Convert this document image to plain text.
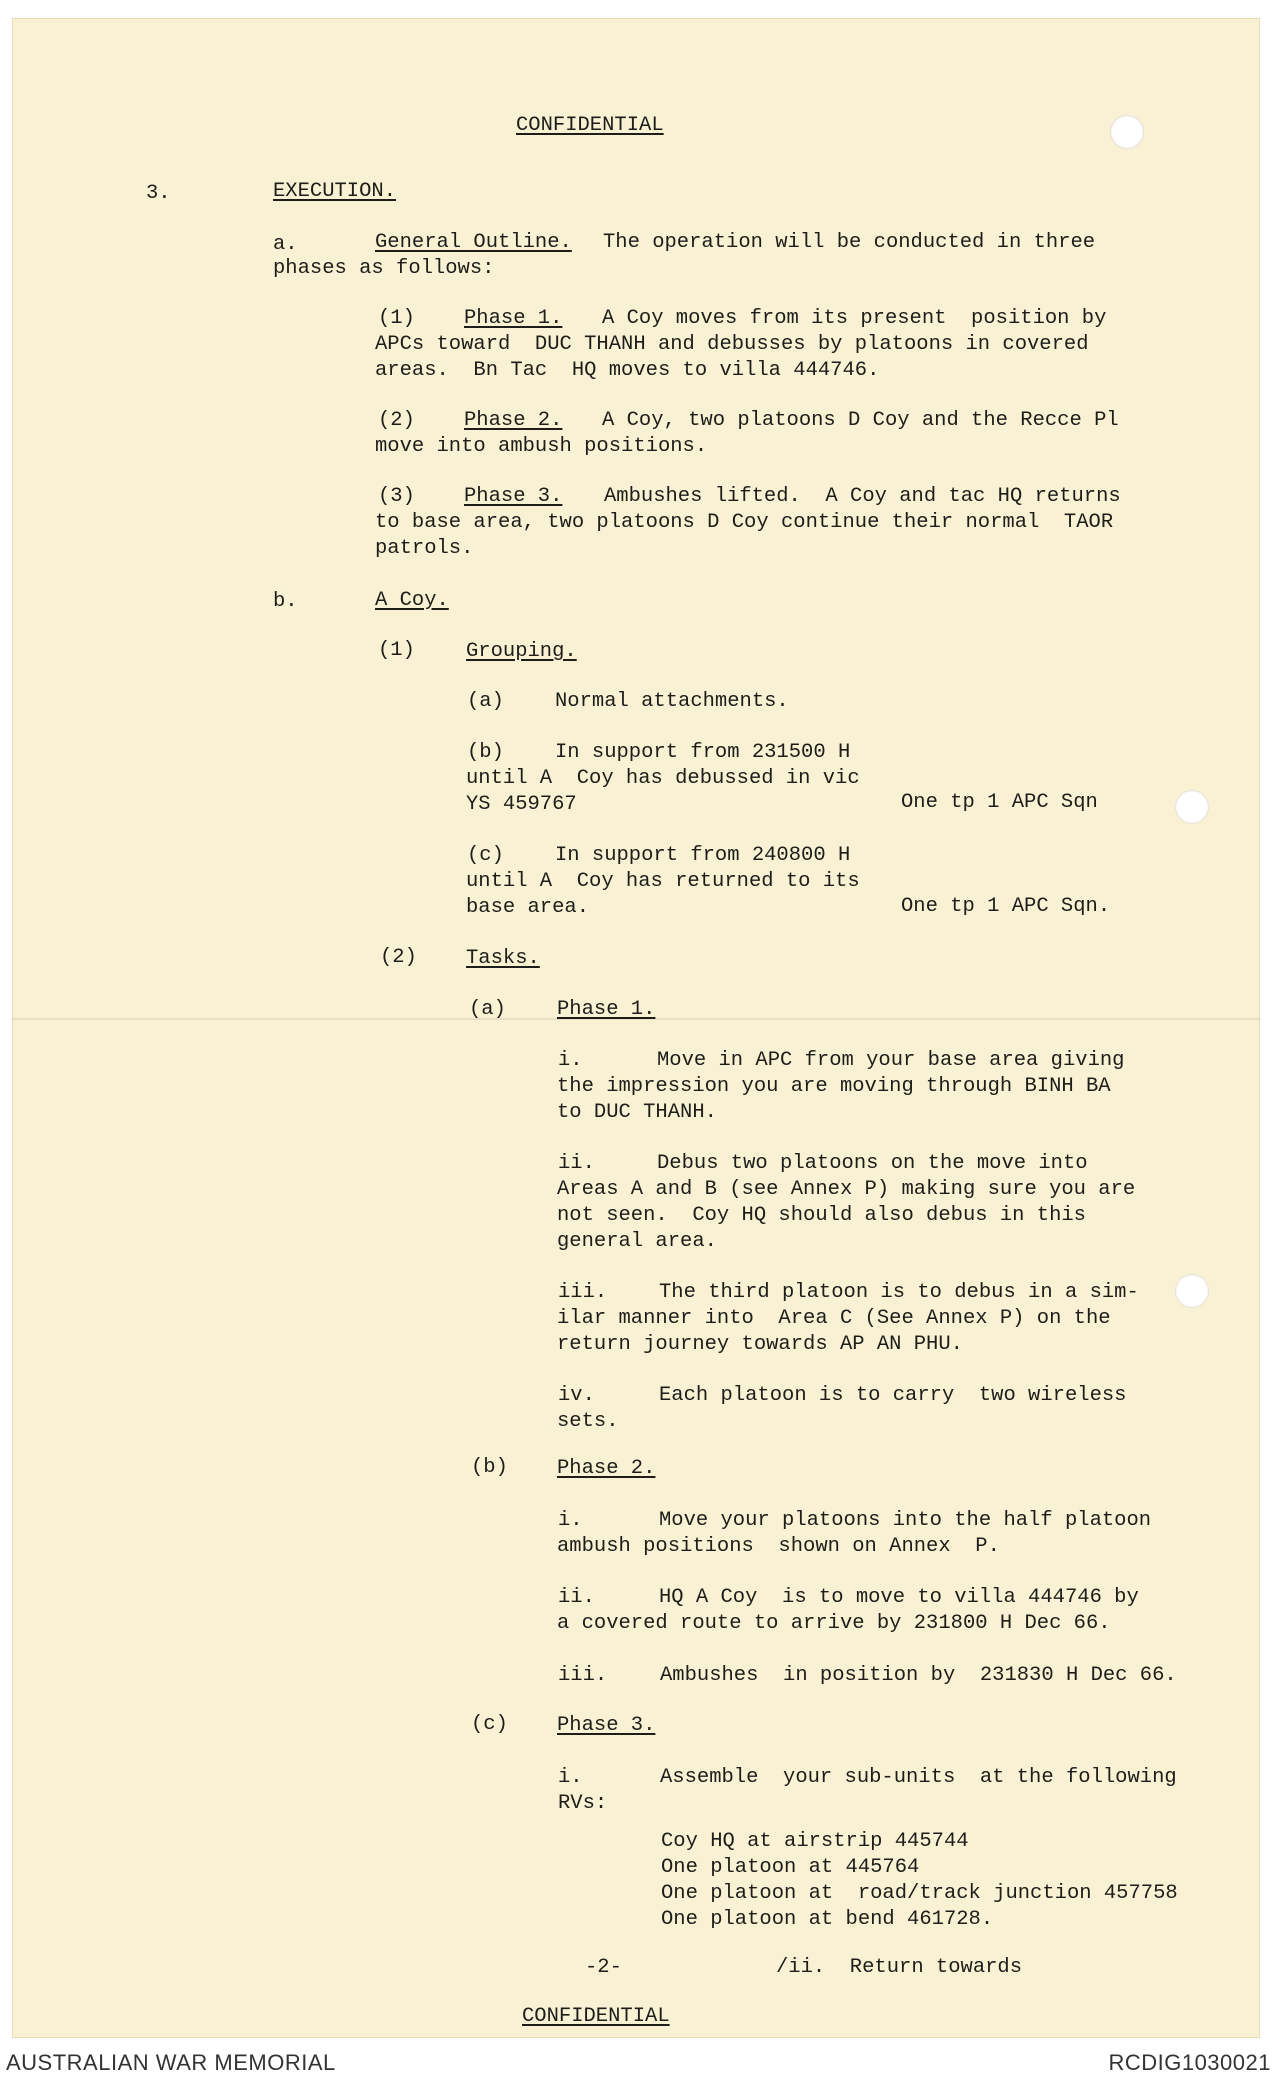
CONFIDENTIAL
3.	EXECUTION.
a.	General Outline. The operation will be conducted in three
phases as follows:
(1) Phase 1. A Coy moves from its present  position by
APCs toward  DUC THANH and debusses by platoons in covered
areas.  Bn Tac  HQ moves to villa 444746.
(2) Phase 2. A Coy, two platoons D Coy and the Recce Pl
move into ambush positions.
(3) Phase 3. Ambushes lifted.  A Coy and tac HQ returns
to base area, two platoons D Coy continue their normal  TAOR
patrols.
b.	A Coy.
(1) Grouping.
(a) Normal attachments.
(b) In support from 231500 H
until A  Coy has debussed in vic
YS 459767	One tp 1 APC Sqn
(c) In support from 240800 H
until A  Coy has returned to its
base area.	One tp 1 APC Sqn.
(2) Tasks.
(a) Phase 1.
i.	Move in APC from your base area giving
the impression you are moving through BINH BA
to DUC THANH.
ii.	Debus two platoons on the move into
Areas A and B (see Annex P) making sure you are
not seen.  Coy HQ should also debus in this
general area.
iii.	The third platoon is to debus in a sim-
ilar manner into  Area C (See Annex P) on the
return journey towards AP AN PHU.
iv.	Each platoon is to carry  two wireless
sets.
(b) Phase 2.
i.	Move your platoons into the half platoon
ambush positions  shown on Annex  P.
ii.	HQ A Coy  is to move to villa 444746 by
a covered route to arrive by 231800 H Dec 66.
iii.	Ambushes  in position by  231830 H Dec 66.
(c) Phase 3.
i.	Assemble  your sub-units  at the following
RVs:
Coy HQ at airstrip 445744
One platoon at 445764
One platoon at  road/track junction 457758
One platoon at bend 461728.
-2-	/ii.  Return towards
CONFIDENTIAL
AUSTRALIAN WAR MEMORIAL	RCDIG1030021
